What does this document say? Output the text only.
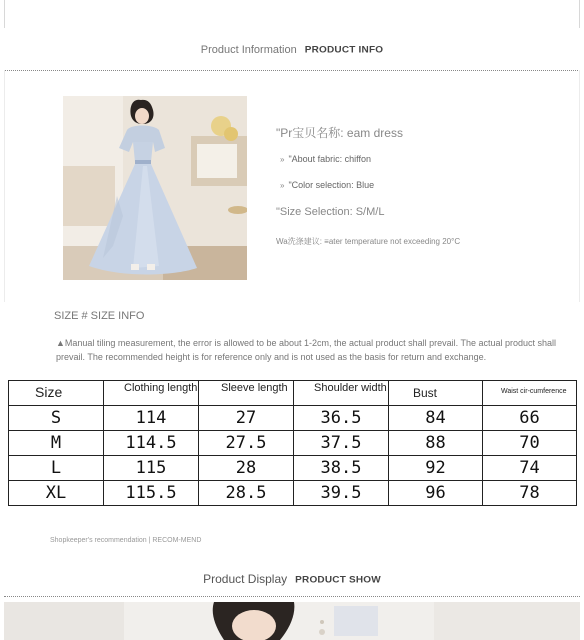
Product Information PRODUCT INFO
"Pr宝贝名称: eam dress
» "About fabric: chiffon
» "Color selection: Blue
"Size Selection: S/M/L
Wa洗涤建议: ≡ater temperature not exceeding 20°C
SIZE # SIZE INFO
▲Manual tiling measurement, the error is allowed to be about 1-2cm, the actual product shall prevail. The actual product shall prevail. The recommended height is for reference only and is not used as the basis for return and exchange.
Size	Clothing length	Sleeve length	Shoulder width	Bust	Waist cir-cumference
S	114	27	36.5	84	66
M	114.5	27.5	37.5	88	70
L	115	28	38.5	92	74
XL	115.5	28.5	39.5	96	78
Shopkeeper's recommendation | RECOM-MEND
Product Display PRODUCT SHOW
